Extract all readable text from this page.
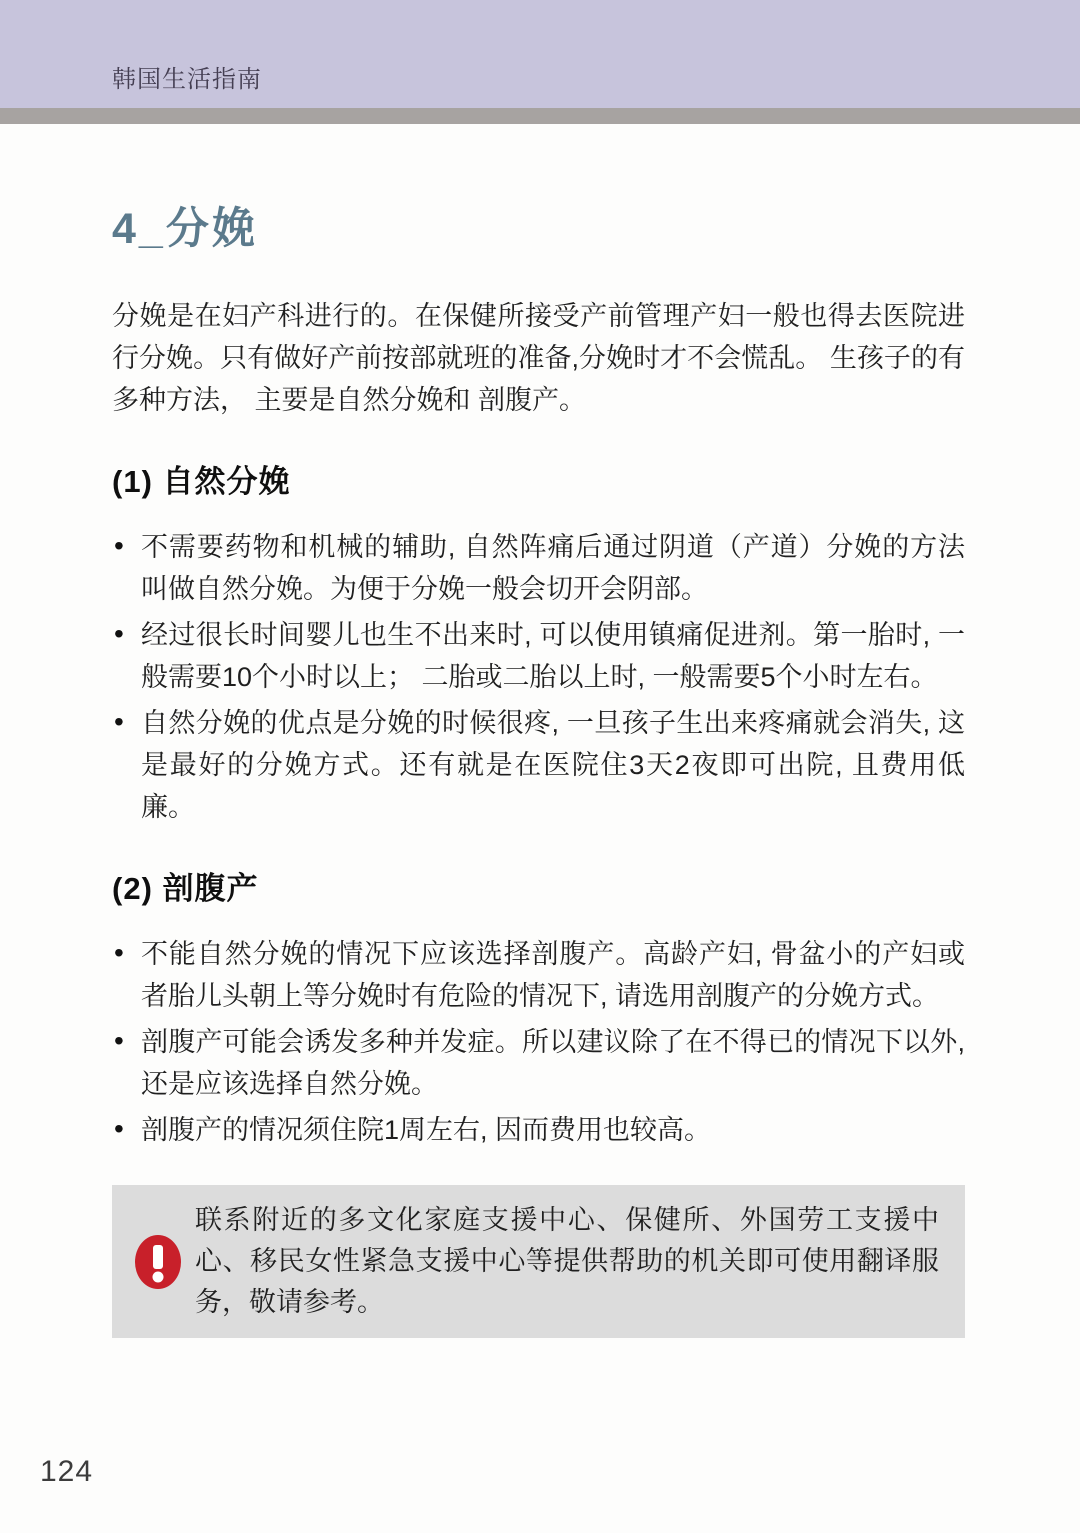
韩国生活指南
4_分娩

分娩是在妇产科进行的。在保健所接受产前管理产妇一般也得去医院进行分娩。只有做好产前按部就班的准备,分娩时才不会慌乱。 生孩子的有多种方法， 主要是自然分娩和 剖腹产。

(1) 自然分娩
• 不需要药物和机械的辅助, 自然阵痛后通过阴道（产道）分娩的方法叫做自然分娩。为便于分娩一般会切开会阴部。
• 经过很长时间婴儿也生不出来时, 可以使用镇痛促进剂。第一胎时, 一般需要10个小时以上； 二胎或二胎以上时, 一般需要5个小时左右。
• 自然分娩的优点是分娩的时候很疼, 一旦孩子生出来疼痛就会消失, 这是最好的分娩方式。还有就是在医院住3天2夜即可出院, 且费用低廉。
(2) 剖腹产
• 不能自然分娩的情况下应该选择剖腹产。高龄产妇, 骨盆小的产妇或者胎儿头朝上等分娩时有危险的情况下, 请选用剖腹产的分娩方式。
• 剖腹产可能会诱发多种并发症。所以建议除了在不得已的情况下以外, 还是应该选择自然分娩。
• 剖腹产的情况须住院1周左右, 因而费用也较高。
联系附近的多文化家庭支援中心、保健所、外国劳工支援中心、移民女性紧急支援中心等提供帮助的机关即可使用翻译服务，敬请参考。
124
